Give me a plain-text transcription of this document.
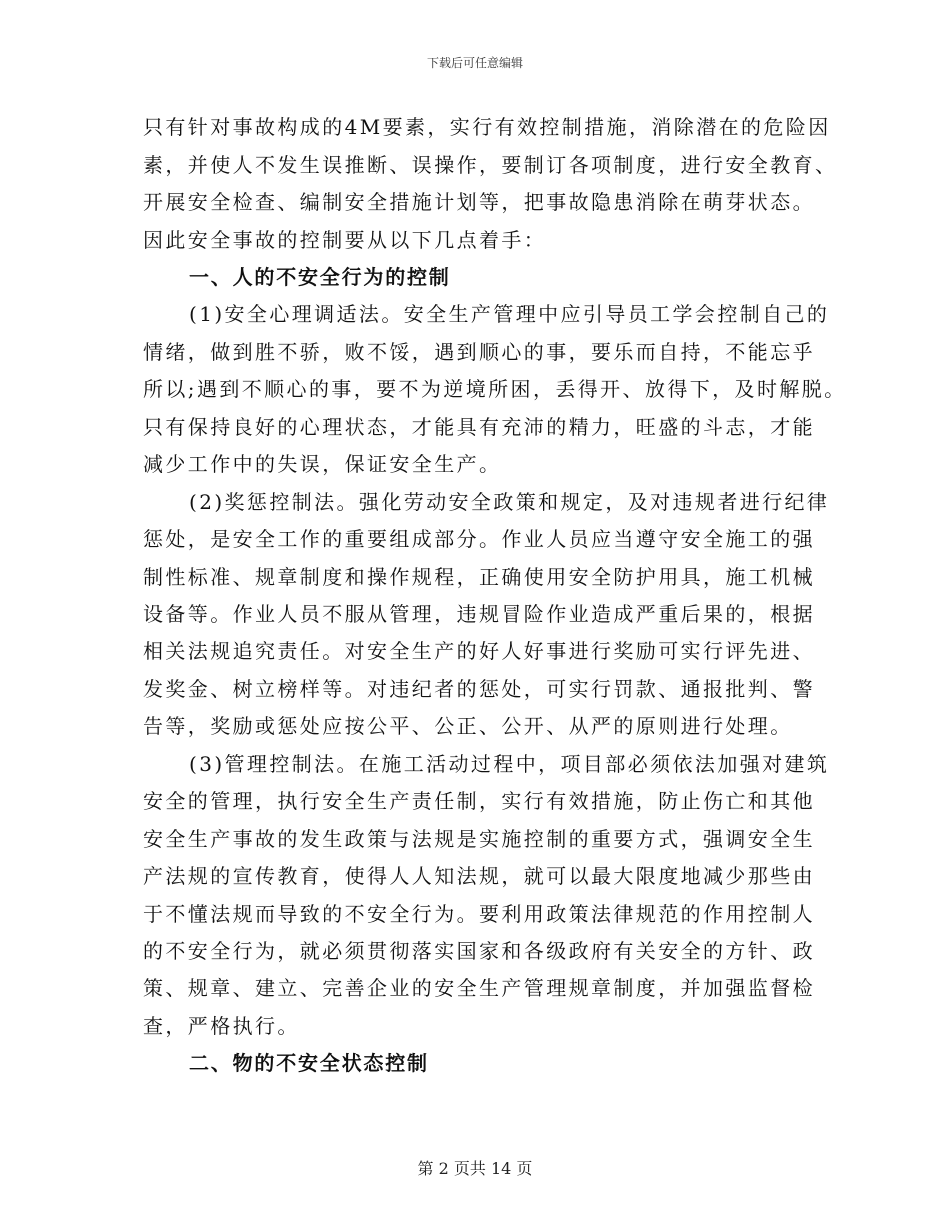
下载后可任意编辑
只有针对事故构成的4M要素，实行有效控制措施，消除潜在的危险因
素，并使人不发生误推断、误操作，要制订各项制度，进行安全教育、
开展安全检查、编制安全措施计划等，把事故隐患消除在萌芽状态。
因此安全事故的控制要从以下几点着手：
一、人的不安全行为的控制
(1)安全心理调适法。安全生产管理中应引导员工学会控制自己的
情绪，做到胜不骄，败不馁，遇到顺心的事，要乐而自持，不能忘乎
所以;遇到不顺心的事，要不为逆境所困，丢得开、放得下，及时解脱。
只有保持良好的心理状态，才能具有充沛的精力，旺盛的斗志，才能
减少工作中的失误，保证安全生产。
(2)奖惩控制法。强化劳动安全政策和规定，及对违规者进行纪律
惩处，是安全工作的重要组成部分。作业人员应当遵守安全施工的强
制性标准、规章制度和操作规程，正确使用安全防护用具，施工机械
设备等。作业人员不服从管理，违规冒险作业造成严重后果的，根据
相关法规追究责任。对安全生产的好人好事进行奖励可实行评先进、
发奖金、树立榜样等。对违纪者的惩处，可实行罚款、通报批判、警
告等，奖励或惩处应按公平、公正、公开、从严的原则进行处理。
(3)管理控制法。在施工活动过程中，项目部必须依法加强对建筑
安全的管理，执行安全生产责任制，实行有效措施，防止伤亡和其他
安全生产事故的发生政策与法规是实施控制的重要方式，强调安全生
产法规的宣传教育，使得人人知法规，就可以最大限度地减少那些由
于不懂法规而导致的不安全行为。要利用政策法律规范的作用控制人
的不安全行为，就必须贯彻落实国家和各级政府有关安全的方针、政
策、规章、建立、完善企业的安全生产管理规章制度，并加强监督检
查，严格执行。
二、物的不安全状态控制
第 2 页共 14 页
